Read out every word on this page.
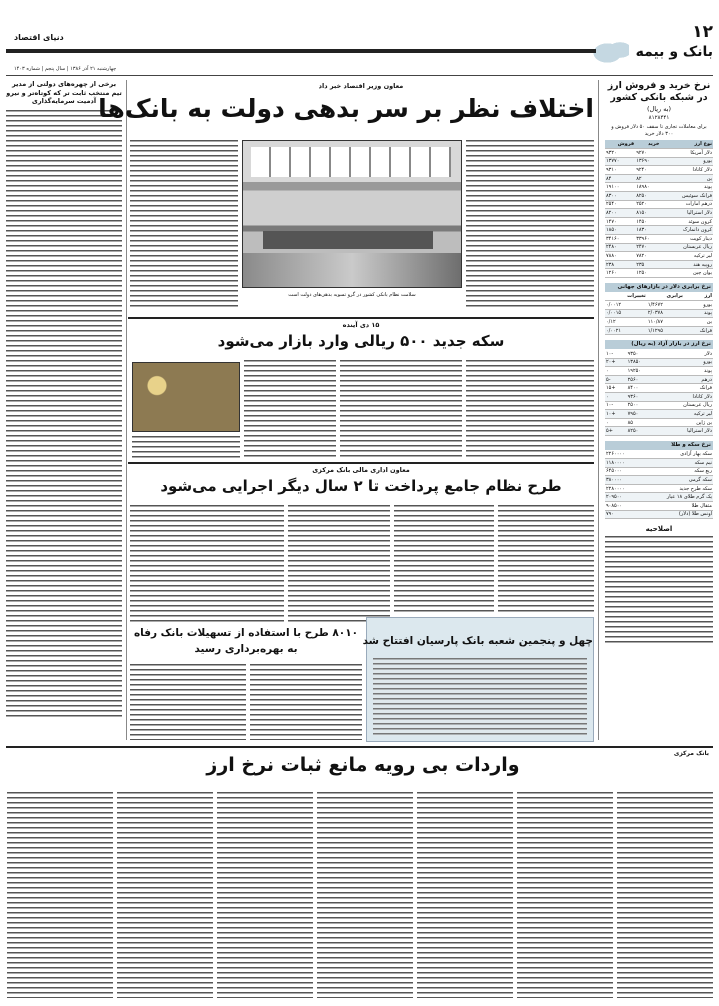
۱۲
بانک و بیمه
دنیای اقتصاد
چهارشنبه ۲۱ آذر ۱۳۸۶ | سال پنجم | شماره ۱۴۰۳
نرخ خرید و فروش ارز در شبکه بانکی کشور
(به ریال)
۸۱۲۸۴۴۱
برای معاملات تجاری تا سقف ۵۰ دلار فروش و ۳۰۰ دلار خرید
نوع ارز	خرید	فروش
دلار آمریکا	۹۲۷۰	۹۳۲۰
یورو	۱۳۶۹۰	۱۳۷۷۰
دلار کانادا	۹۲۴۰	۹۳۱۰
ین	۸۲	۸۴
پوند	۱۸۹۸۰	۱۹۱۰۰
فرانک سوئیس	۸۲۵۰	۸۳۰۰
درهم امارات	۲۵۲۰	۲۵۴۰
دلار استرالیا	۸۱۵۰	۸۲۰۰
کرون سوئد	۱۴۵۰	۱۴۷۰
کرون دانمارک	۱۸۳۰	۱۸۵۰
دینار کویت	۳۳۹۶۰	۳۴۱۶۰
ریال عربستان	۲۴۷۰	۲۴۸۰
لیر ترکیه	۷۸۲۰	۷۸۸۰
روپیه هند	۲۳۵	۲۳۸
یوان چین	۱۲۵۰	۱۲۶۰
نرخ برابری دلار در بازارهای جهانی
ارز	برابری	تغییرات
یورو	۱/۴۶۷۲	۰/۰۰۱۲
پوند	۲/۰۳۷۸	۰/۰۰۱۵
ین	۱۱۰/۸۷	۰/۱۲
فرانک	۱/۱۲۹۵	۰/۰۰۲۱
نرخ ارز در بازار آزاد (به ریال)
دلار	۹۳۵۰	-۱۰
یورو	۱۳۸۵۰	+۲۰
پوند	۱۹۲۵۰	۰
درهم	۲۵۶۰	-۵
فرانک	۸۴۰۰	+۱۵
دلار کانادا	۹۳۶۰	۰
ریال عربستان	۲۵۰۰	-۱۰
لیر ترکیه	۷۹۵۰	+۱۰
ین ژاپن	۸۵	۰
دلار استرالیا	۸۲۵۰	+۵
نرخ سکه و طلا
سکه بهار آزادی	۲۲۶۰۰۰۰
نیم سکه	۱۱۸۰۰۰۰
ربع سکه	۶۴۵۰۰۰
سکه گرمی	۳۸۰۰۰۰
سکه طرح جدید	۲۲۸۰۰۰۰
یک گرم طلای ۱۸ عیار	۲۰۹۵۰۰
مثقال طلا	۹۰۸۵۰۰
اونس طلا (دلار)	۷۹۰
اصلاحیه
برخی از چهره‌های دولتی از مدیر تیم منتخب ثابت تر که کوتاه‌تر و نیرو آدمیت سرمایه‌گذاری
معاون وزیر اقتصاد خبر داد
اختلاف نظر بر سر بدهی دولت به بانک‌ها
سلامت نظام بانکی کشور در گرو تسویه بدهی‌های دولت است
۱۵ دی آینده
سکه جدید ۵۰۰ ریالی وارد بازار می‌شود
معاون اداری مالی بانک مرکزی
طرح نظام جامع پرداخت تا ۲ سال دیگر اجرایی می‌شود
چهل و پنجمین شعبه بانک پارسیان افتتاح شد
۸۰۱۰ طرح با استفاده از تسهیلات بانک رفاه
به بهره‌برداری رسید
بانک مرکزی
واردات بی رویه مانع ثبات نرخ ارز
